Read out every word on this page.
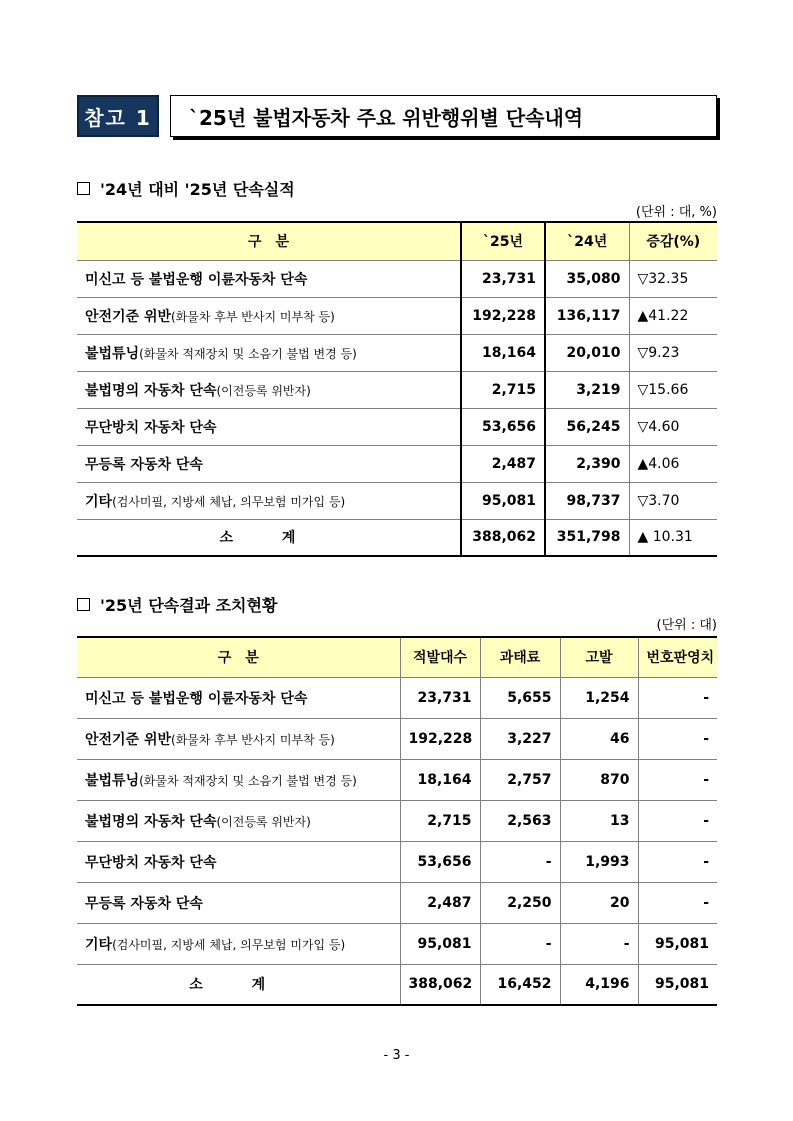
참고 1	`25년 불법자동차 주요 위반행위별 단속내역
'24년 대비 '25년 단속실적
(단위 : 대, %)
구　분	`25년	`24년	증감(%)
미신고 등 불법운행 이륜자동차 단속	23,731	35,080	▽32.35
안전기준 위반(화물차 후부 반사지 미부착 등)	192,228	136,117	▲41.22
불법튜닝(화물차 적재장치 및 소음기 불법 변경 등)	18,164	20,010	▽9.23
불법명의 자동차 단속(이전등록 위반자)	2,715	3,219	▽15.66
무단방치 자동차 단속	53,656	56,245	▽4.60
무등록 자동차 단속	2,487	2,390	▲4.06
기타(검사미필, 지방세 체납, 의무보험 미가입 등)	95,081	98,737	▽3.70
소 계	388,062	351,798	▲ 10.31
'25년 단속결과 조치현황
(단위 : 대)
구　분	적발대수	과태료	고발	번호판영치
미신고 등 불법운행 이륜자동차 단속	23,731	5,655	1,254	-
안전기준 위반(화물차 후부 반사지 미부착 등)	192,228	3,227	46	-
불법튜닝(화물차 적재장치 및 소음기 불법 변경 등)	18,164	2,757	870	-
불법명의 자동차 단속(이전등록 위반자)	2,715	2,563	13	-
무단방치 자동차 단속	53,656	-	1,993	-
무등록 자동차 단속	2,487	2,250	20	-
기타(검사미필, 지방세 체납, 의무보험 미가입 등)	95,081	-	-	95,081
소 계	388,062	16,452	4,196	95,081
- 3 -
